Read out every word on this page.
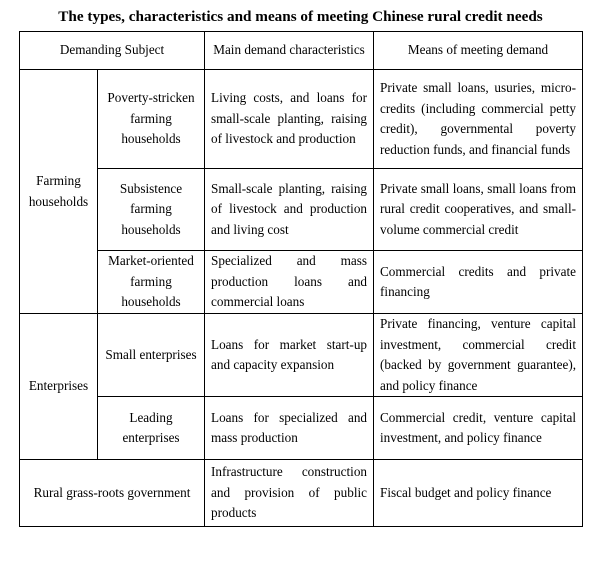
The types, characteristics and means of meeting Chinese rural credit needs
Demanding Subject		Main demand characteristics	Means of meeting demand
Farming households	Poverty-stricken farming households	Living costs, and loans for small-scale planting, raising of livestock and production	Private small loans, usuries, micro-credits (including commercial petty credit), governmental poverty reduction funds, and financial funds
	Subsistence farming households	Small-scale planting, raising of livestock and production and living cost	Private small loans, small loans from rural credit cooperatives, and small-volume commercial credit
	Market-oriented farming households	Specialized and mass production loans and commercial loans	Commercial credits and private financing
Enterprises	Small enterprises	Loans for market start-up and capacity expansion	Private financing, venture capital investment, commercial credit (backed by government guarantee), and policy finance
	Leading enterprises	Loans for specialized and mass production	Commercial credit, venture capital investment, and policy finance
Rural grass-roots government		Infrastructure construction and provision of public products	Fiscal budget and policy finance
